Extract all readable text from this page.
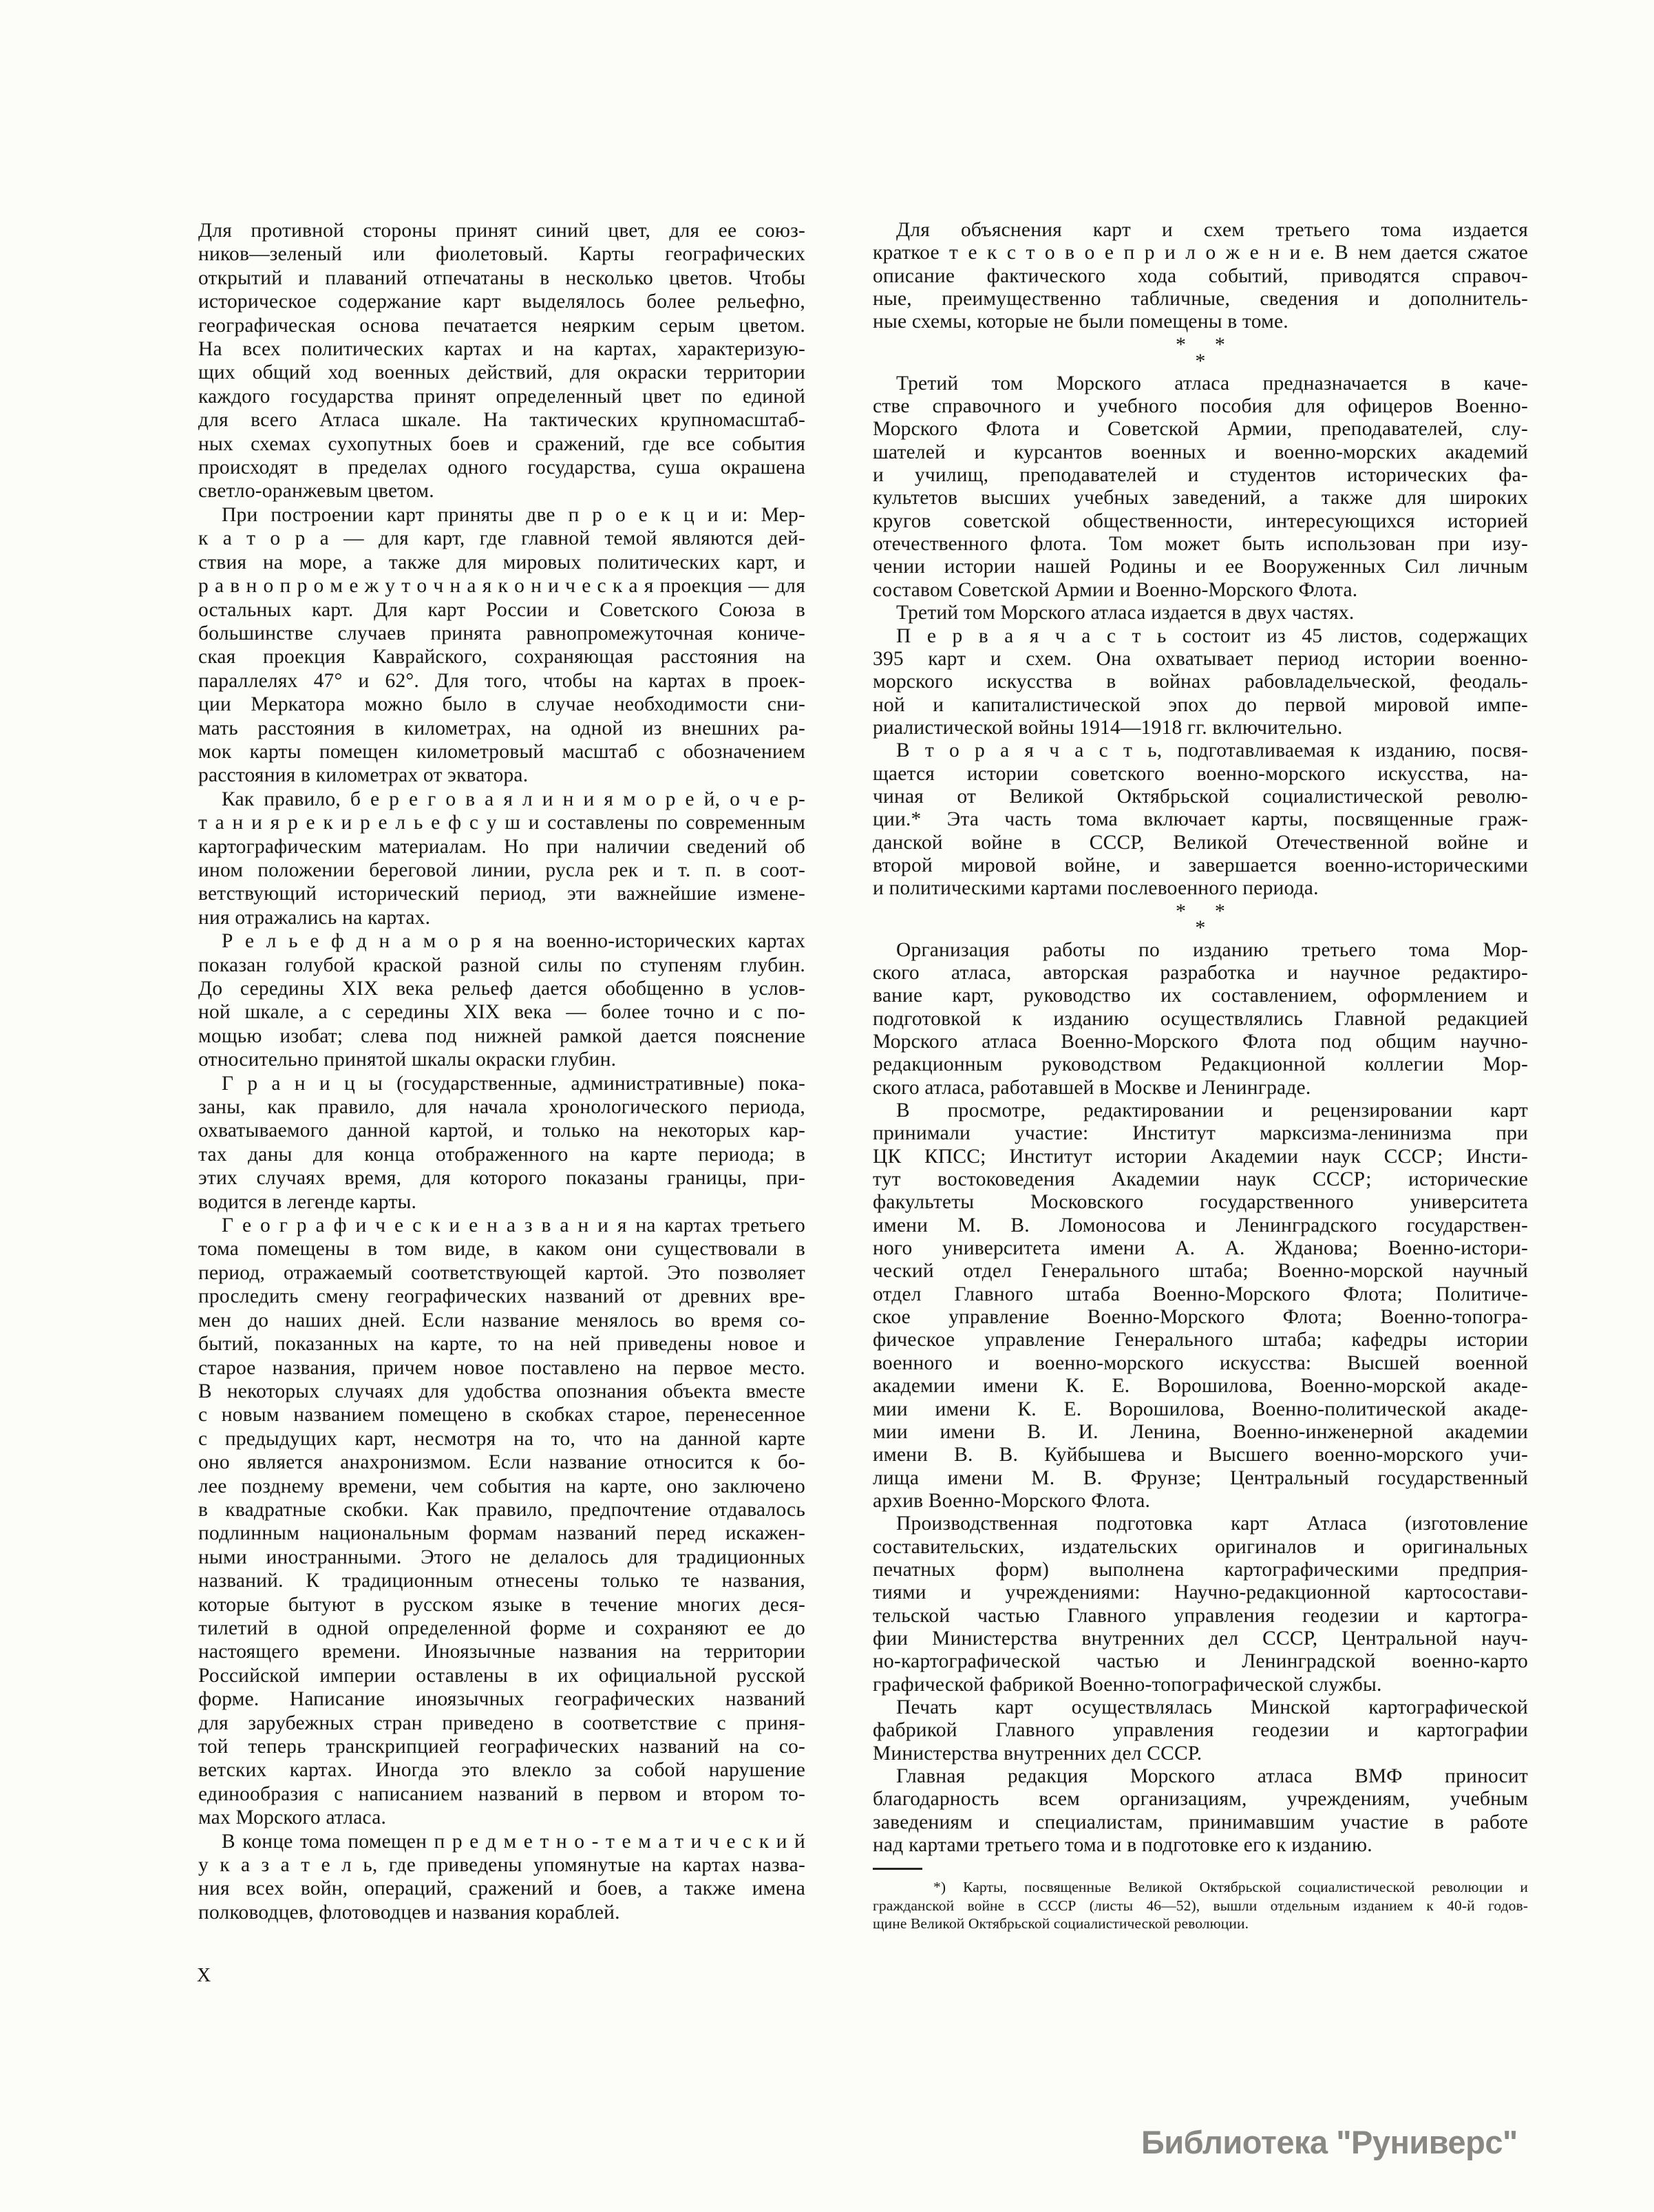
Для противной стороны принят синий цвет, для ее союз-
ников—зеленый или фиолетовый. Карты географических
открытий и плаваний отпечатаны в несколько цветов. Чтобы
историческое содержание карт выделялось более рельефно,
географическая основа печатается неярким серым цветом.
На всех политических картах и на картах, характеризую-
щих общий ход военных действий, для окраски территории
каждого государства принят определенный цвет по единой
для всего Атласа шкале. На тактических крупномасштаб-
ных схемах сухопутных боев и сражений, где все события
происходят в пределах одного государства, суша окрашена
светло-оранжевым цветом.
При построении карт приняты две п р о е к ц и и: Мер-
к а т о р а — для карт, где главной темой являются дей-
ствия на море, а также для мировых политических карт, и
р а в н о п р о м е ж у т о ч н а я к о н и ч е с к а я проекция — для
остальных карт. Для карт России и Советского Союза в
большинстве случаев принята равнопромежуточная кониче-
ская проекция Каврайского, сохраняющая расстояния на
параллелях 47° и 62°. Для того, чтобы на картах в проек-
ции Меркатора можно было в случае необходимости сни-
мать расстояния в километрах, на одной из внешних ра-
мок карты помещен километровый масштаб с обозначением
расстояния в километрах от экватора.
Как правило, б е р е г о в а я л и н и я м о р е й, о ч е р-
т а н и я р е к и р е л ь е ф с у ш и составлены по современным
картографическим материалам. Но при наличии сведений об
ином положении береговой линии, русла рек и т. п. в соот-
ветствующий исторический период, эти важнейшие измене-
ния отражались на картах.
Р е л ь е ф д н а м о р я на военно-исторических картах
показан голубой краской разной силы по ступеням глубин.
До середины XIX века рельеф дается обобщенно в услов-
ной шкале, а с середины XIX века — более точно и с по-
мощью изобат; слева под нижней рамкой дается пояснение
относительно принятой шкалы окраски глубин.
Г р а н и ц ы (государственные, административные) пока-
заны, как правило, для начала хронологического периода,
охватываемого данной картой, и только на некоторых кар-
тах даны для конца отображенного на карте периода; в
этих случаях время, для которого показаны границы, при-
водится в легенде карты.
Г е о г р а ф и ч е с к и е н а з в а н и я на картах третьего
тома помещены в том виде, в каком они существовали в
период, отражаемый соответствующей картой. Это позволяет
проследить смену географических названий от древних вре-
мен до наших дней. Если название менялось во время со-
бытий, показанных на карте, то на ней приведены новое и
старое названия, причем новое поставлено на первое место.
В некоторых случаях для удобства опознания объекта вместе
с новым названием помещено в скобках старое, перенесенное
с предыдущих карт, несмотря на то, что на данной карте
оно является анахронизмом. Если название относится к бо-
лее позднему времени, чем события на карте, оно заключено
в квадратные скобки. Как правило, предпочтение отдавалось
подлинным национальным формам названий перед искажен-
ными иностранными. Этого не делалось для традиционных
названий. К традиционным отнесены только те названия,
которые бытуют в русском языке в течение многих деся-
тилетий в одной определенной форме и сохраняют ее до
настоящего времени. Иноязычные названия на территории
Российской империи оставлены в их официальной русской
форме. Написание иноязычных географических названий
для зарубежных стран приведено в соответствие с приня-
той теперь транскрипцией географических названий на со-
ветских картах. Иногда это влекло за собой нарушение
единообразия с написанием названий в первом и втором то-
мах Морского атласа.
В конце тома помещен п р е д м е т н о - т е м а т и ч е с к и й
у к а з а т е л ь, где приведены упомянутые на картах назва-
ния всех войн, операций, сражений и боев, а также имена
полководцев, флотоводцев и названия кораблей.
Для объяснения карт и схем третьего тома издается
краткое т е к с т о в о е п р и л о ж е н и е. В нем дается сжатое
описание фактического хода событий, приводятся справоч-
ные, преимущественно табличные, сведения и дополнитель-
ные схемы, которые не были помещены в томе.
* *
*
Третий том Морского атласа предназначается в каче-
стве справочного и учебного пособия для офицеров Военно-
Морского Флота и Советской Армии, преподавателей, слу-
шателей и курсантов военных и военно-морских академий
и училищ, преподавателей и студентов исторических фа-
культетов высших учебных заведений, а также для широких
кругов советской общественности, интересующихся историей
отечественного флота. Том может быть использован при изу-
чении истории нашей Родины и ее Вооруженных Сил личным
составом Советской Армии и Военно-Морского Флота.
Третий том Морского атласа издается в двух частях.
П е р в а я ч а с т ь состоит из 45 листов, содержащих
395 карт и схем. Она охватывает период истории военно-
морского искусства в войнах рабовладельческой, феодаль-
ной и капиталистической эпох до первой мировой импе-
риалистической войны 1914—1918 гг. включительно.
В т о р а я ч а с т ь, подготавливаемая к изданию, посвя-
щается истории советского военно-морского искусства, на-
чиная от Великой Октябрьской социалистической револю-
ции.* Эта часть тома включает карты, посвященные граж-
данской войне в СССР, Великой Отечественной войне и
второй мировой войне, и завершается военно-историческими
и политическими картами послевоенного периода.
* *
*
Организация работы по изданию третьего тома Мор-
ского атласа, авторская разработка и научное редактиро-
вание карт, руководство их составлением, оформлением и
подготовкой к изданию осуществлялись Главной редакцией
Морского атласа Военно-Морского Флота под общим научно-
редакционным руководством Редакционной коллегии Мор-
ского атласа, работавшей в Москве и Ленинграде.
В просмотре, редактировании и рецензировании карт
принимали участие: Институт марксизма-ленинизма при
ЦК КПСС; Институт истории Академии наук СССР; Инсти-
тут востоковедения Академии наук СССР; исторические
факультеты Московского государственного университета
имени М. В. Ломоносова и Ленинградского государствен-
ного университета имени А. А. Жданова; Военно-истори-
ческий отдел Генерального штаба; Военно-морской научный
отдел Главного штаба Военно-Морского Флота; Политиче-
ское управление Военно-Морского Флота; Военно-топогра-
фическое управление Генерального штаба; кафедры истории
военного и военно-морского искусства: Высшей военной
академии имени К. Е. Ворошилова, Военно-морской акаде-
мии имени К. Е. Ворошилова, Военно-политической акаде-
мии имени В. И. Ленина, Военно-инженерной академии
имени В. В. Куйбышева и Высшего военно-морского учи-
лища имени М. В. Фрунзе; Центральный государственный
архив Военно-Морского Флота.
Производственная подготовка карт Атласа (изготовление
составительских, издательских оригиналов и оригинальных
печатных форм) выполнена картографическими предприя-
тиями и учреждениями: Научно-редакционной картосостави-
тельской частью Главного управления геодезии и картогра-
фии Министерства внутренних дел СССР, Центральной науч-
но-картографической частью и Ленинградской военно-карто
графической фабрикой Военно-топографической службы.
Печать карт осуществлялась Минской картографической
фабрикой Главного управления геодезии и картографии
Министерства внутренних дел СССР.
Главная редакция Морского атласа ВМФ приносит
благодарность всем организациям, учреждениям, учебным
заведениям и специалистам, принимавшим участие в работе
над картами третьего тома и в подготовке его к изданию.
*) Карты, посвященные Великой Октябрьской социалистической революции и
гражданской войне в СССР (листы 46—52), вышли отдельным изданием к 40-й годов-
щине Великой Октябрьской социалистической революции.
X
Библиотека "Руниверс"
